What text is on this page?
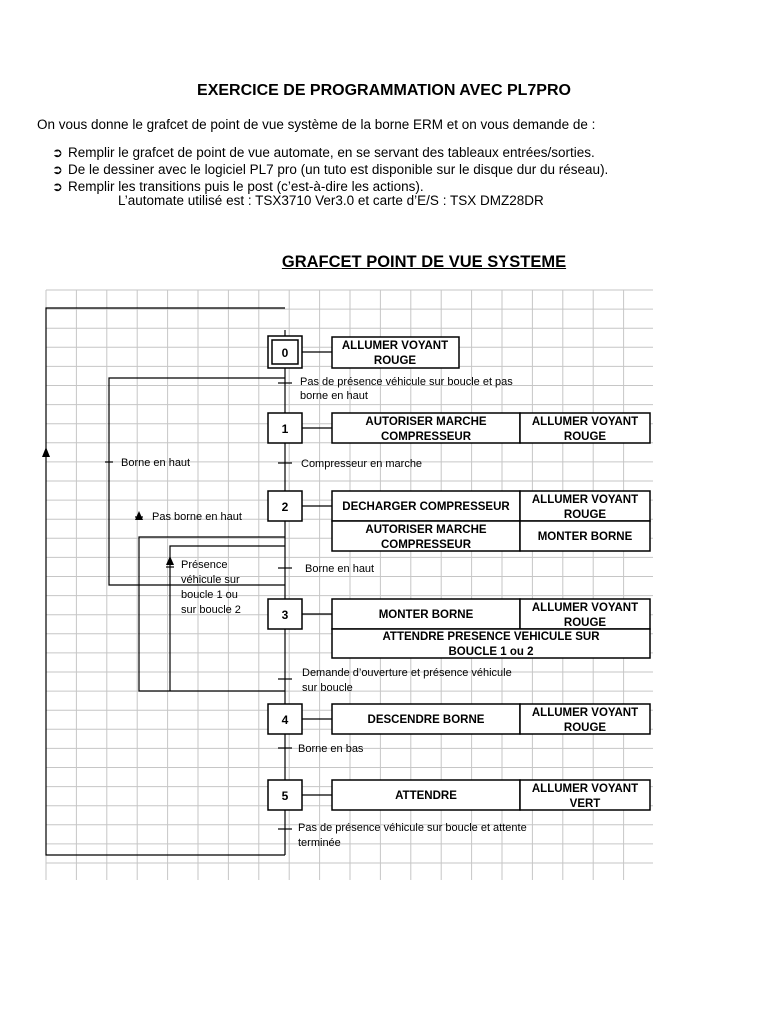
0	ALLUMER VOYANT
ROUGE
1	AUTORISER MARCHE
COMPRESSEUR
ALLUMER VOYANT
ROUGE
2	DECHARGER COMPRESSEUR
ALLUMER VOYANT
ROUGE
AUTORISER MARCHE
COMPRESSEUR
MONTER BORNE
3	MONTER BORNE
ALLUMER VOYANT
ROUGE
ATTENDRE PRESENCE VEHICULE SUR
BOUCLE 1 ou 2
4	DESCENDRE BORNE
ALLUMER VOYANT
ROUGE
5	ATTENDRE
ALLUMER VOYANT
VERT
Pas de présence véhicule sur boucle et pas
borne en haut
Compresseur en marche
Borne en haut
Demande d’ouverture et présence véhicule
sur boucle
Borne en bas
Pas de présence véhicule sur boucle et attente
terminée
Borne en haut
Pas borne en haut
Présence
véhicule sur
boucle 1 ou
sur boucle 2
EXERCICE DE PROGRAMMATION AVEC PL7PRO
On vous donne le grafcet de point de vue système de la borne ERM et on vous demande de :
➲ Remplir le grafcet de point de vue automate, en se servant des tableaux entrées/sorties.
➲ De le dessiner avec le logiciel PL7 pro (un tuto est disponible sur le disque dur du réseau).
➲ Remplir les transitions puis le post (c’est-à-dire les actions).
L’automate utilisé est : TSX3710 Ver3.0 et carte d’E/S : TSX DMZ28DR
GRAFCET POINT DE VUE SYSTEME
